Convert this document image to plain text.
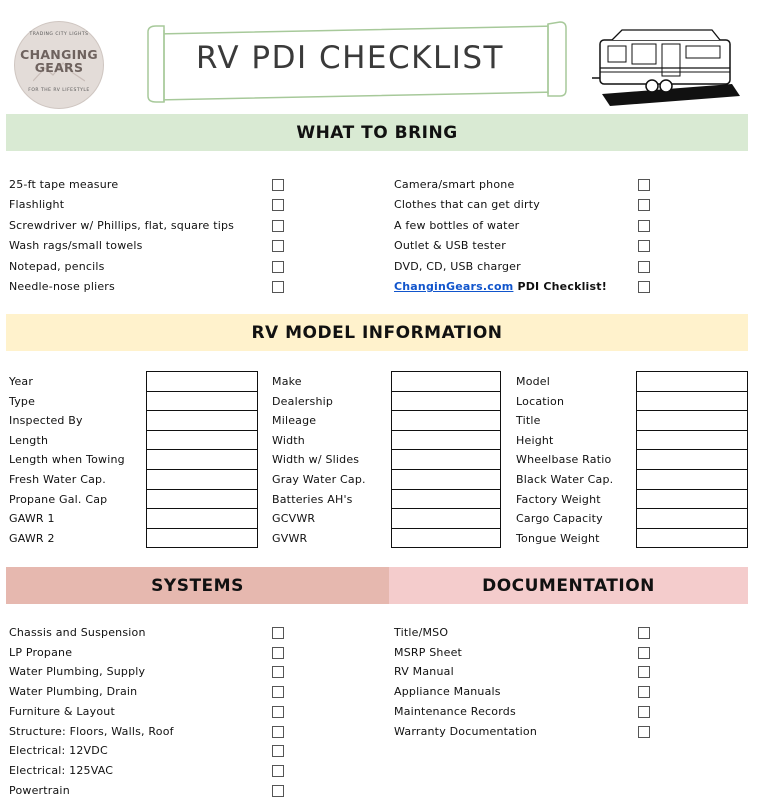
TRADING CITY LIGHTS
CHANGING
GEARS
FOR THE RV LIFESTYLE
RV PDI CHECKLIST
WHAT TO BRING
25-ft tape measure
Flashlight
Screwdriver w/ Phillips, flat, square tips
Wash rags/small towels
Notepad, pencils
Needle-nose pliers
Camera/smart phone
Clothes that can get dirty
A few bottles of water
Outlet & USB tester
DVD, CD, USB charger
ChanginGears.com PDI Checklist!
RV MODEL INFORMATION
Year
Type
Inspected By
Length
Length when Towing
Fresh Water Cap.
Propane Gal. Cap
GAWR 1
GAWR 2
Make
Dealership
Mileage
Width
Width w/ Slides
Gray Water Cap.
Batteries AH's
GCVWR
GVWR
Model
Location
Title
Height
Wheelbase Ratio
Black Water Cap.
Factory Weight
Cargo Capacity
Tongue Weight
SYSTEMS	DOCUMENTATION
Chassis and Suspension
LP Propane
Water Plumbing, Supply
Water Plumbing, Drain
Furniture & Layout
Structure: Floors, Walls, Roof
Electrical: 12VDC
Electrical: 125VAC
Powertrain
Title/MSO
MSRP Sheet
RV Manual
Appliance Manuals
Maintenance Records
Warranty Documentation
